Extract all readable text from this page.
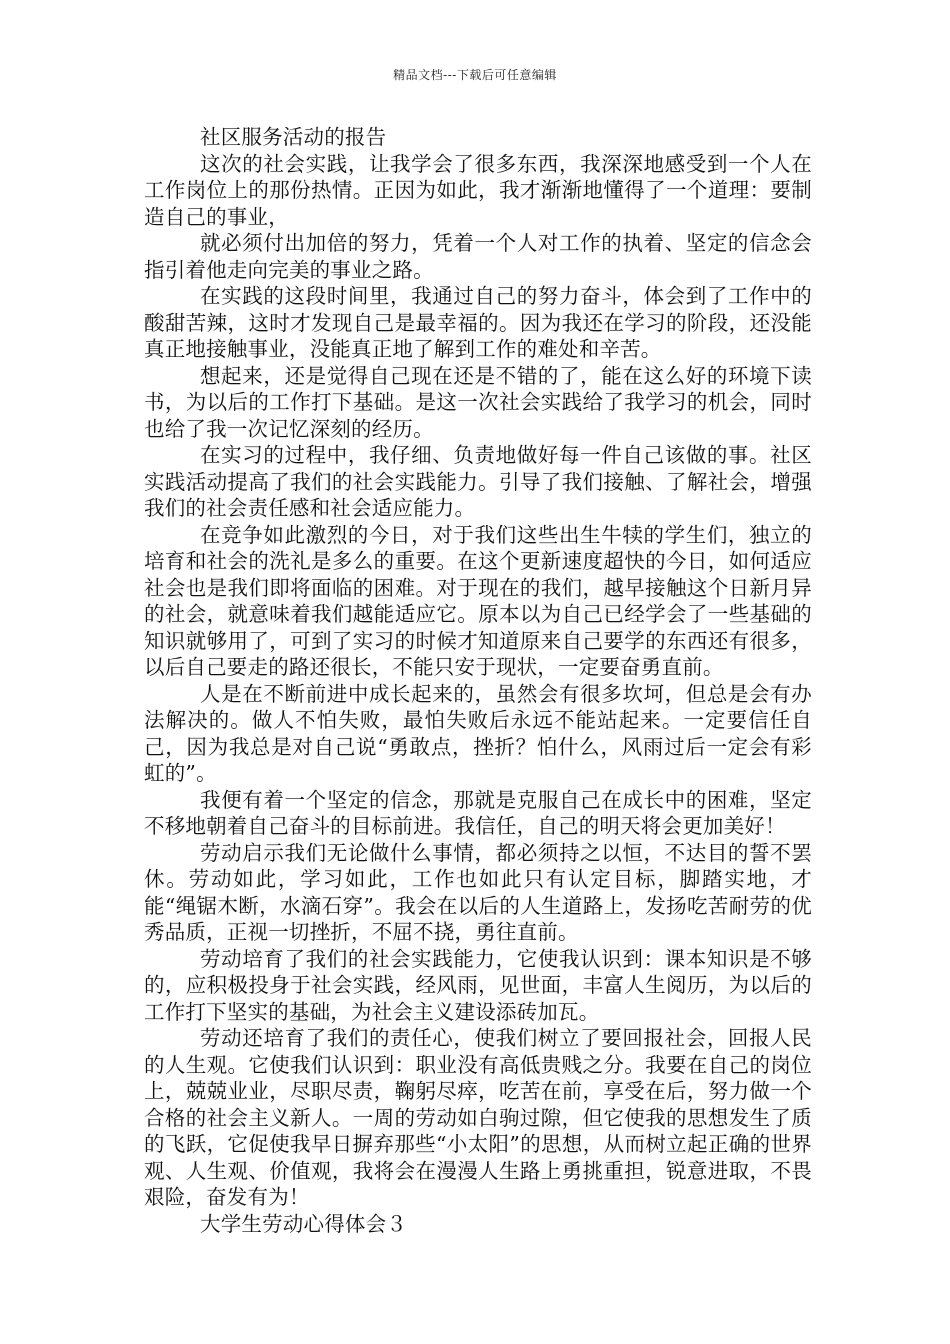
精品文档---下载后可任意编辑

社区服务活动的报告

这次的社会实践，让我学会了很多东西，我深深地感受到一个人在工作岗位上的那份热情。正因为如此，我才渐渐地懂得了一个道理：要制造自己的事业，

就必须付出加倍的努力，凭着一个人对工作的执着、坚定的信念会指引着他走向完美的事业之路。

在实践的这段时间里，我通过自己的努力奋斗，体会到了工作中的酸甜苦辣，这时才发现自己是最幸福的。因为我还在学习的阶段，还没能真正地接触事业，没能真正地了解到工作的难处和辛苦。

想起来，还是觉得自己现在还是不错的了，能在这么好的环境下读书，为以后的工作打下基础。是这一次社会实践给了我学习的机会，同时也给了我一次记忆深刻的经历。

在实习的过程中，我仔细、负责地做好每一件自己该做的事。社区实践活动提高了我们的社会实践能力。引导了我们接触、了解社会，增强我们的社会责任感和社会适应能力。

在竞争如此激烈的今日，对于我们这些出生牛犊的学生们，独立的培育和社会的洗礼是多么的重要。在这个更新速度超快的今日，如何适应社会也是我们即将面临的困难。对于现在的我们，越早接触这个日新月异的社会，就意味着我们越能适应它。原本以为自己已经学会了一些基础的知识就够用了，可到了实习的时候才知道原来自己要学的东西还有很多，以后自己要走的路还很长，不能只安于现状，一定要奋勇直前。

人是在不断前进中成长起来的，虽然会有很多坎坷，但总是会有办法解决的。做人不怕失败，最怕失败后永远不能站起来。一定要信任自己，因为我总是对自己说“勇敢点，挫折？怕什么，风雨过后一定会有彩虹的”。

我便有着一个坚定的信念，那就是克服自己在成长中的困难，坚定不移地朝着自己奋斗的目标前进。我信任，自己的明天将会更加美好！

劳动启示我们无论做什么事情，都必须持之以恒，不达目的誓不罢休。劳动如此，学习如此，工作也如此只有认定目标，脚踏实地，才能“绳锯木断，水滴石穿”。我会在以后的人生道路上，发扬吃苦耐劳的优秀品质，正视一切挫折，不屈不挠，勇往直前。

劳动培育了我们的社会实践能力，它使我认识到：课本知识是不够的，应积极投身于社会实践，经风雨，见世面，丰富人生阅历，为以后的工作打下坚实的基础，为社会主义建设添砖加瓦。

劳动还培育了我们的责任心，使我们树立了要回报社会，回报人民的人生观。它使我们认识到：职业没有高低贵贱之分。我要在自己的岗位上，兢兢业业，尽职尽责，鞠躬尽瘁，吃苦在前，享受在后，努力做一个合格的社会主义新人。一周的劳动如白驹过隙，但它使我的思想发生了质的飞跃，它促使我早日摒弃那些“小太阳”的思想，从而树立起正确的世界观、人生观、价值观，我将会在漫漫人生路上勇挑重担，锐意进取，不畏艰险，奋发有为！

大学生劳动心得体会３
